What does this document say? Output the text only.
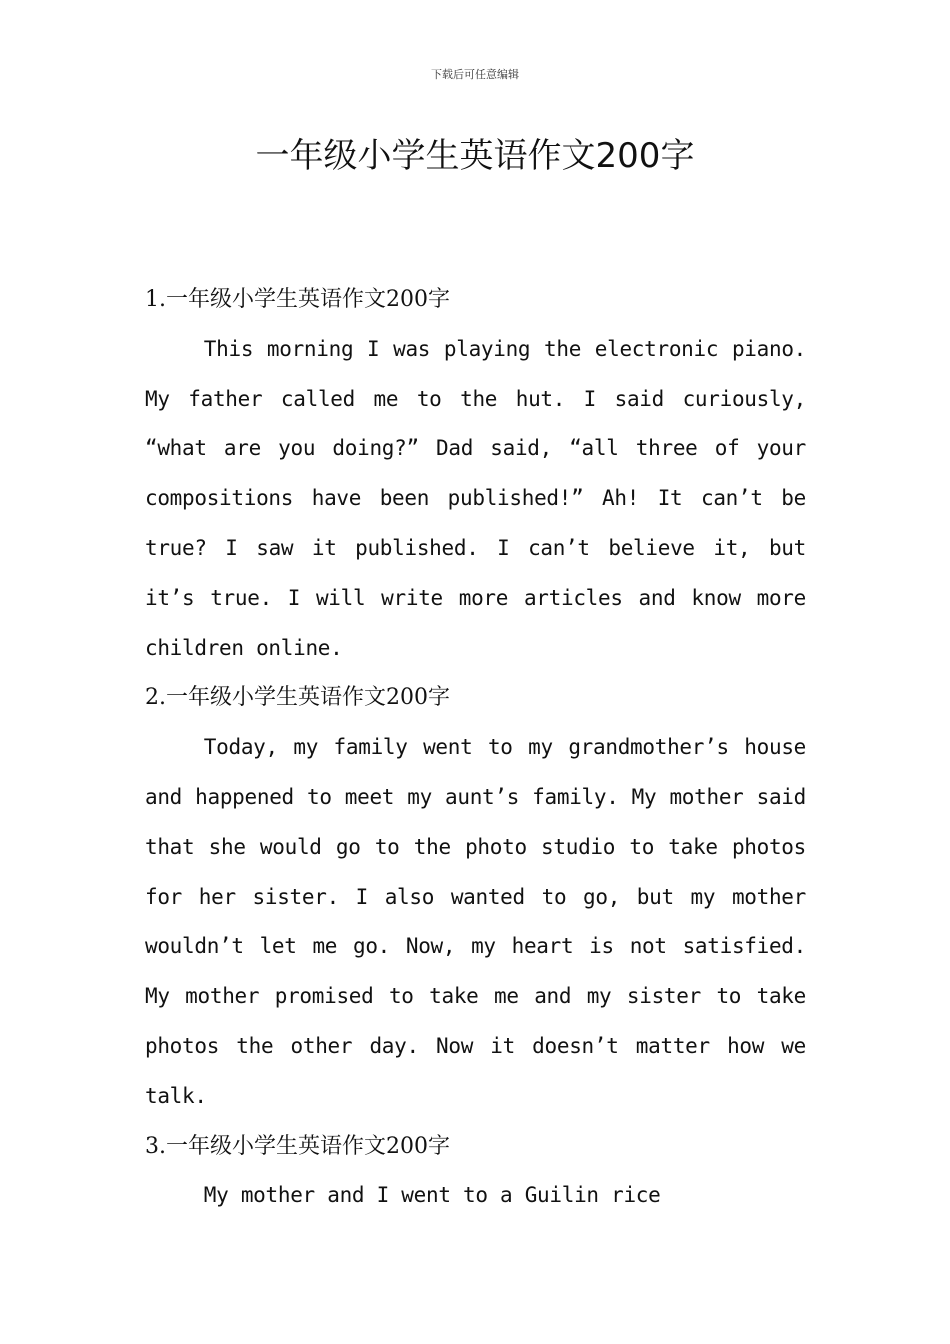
下载后可任意编辑
一年级小学生英语作文200字
1.一年级小学生英语作文200字

This morning I was playing the electronic piano. My father called me to the hut. I said curiously, “what are you doing?” Dad said, “all three of your compositions have been published!” Ah! It can’t be true? I saw it published. I can’t believe it, but it’s true. I will write more articles and know more children online.

2.一年级小学生英语作文200字

Today, my family went to my grandmother’s house and happened to meet my aunt’s family. My mother said that she would go to the photo studio to take photos for her sister. I also wanted to go, but my mother wouldn’t let me go. Now, my heart is not satisfied. My mother promised to take me and my sister to take photos the other day. Now it doesn’t matter how we talk.

3.一年级小学生英语作文200字

My mother and I went to a Guilin rice
